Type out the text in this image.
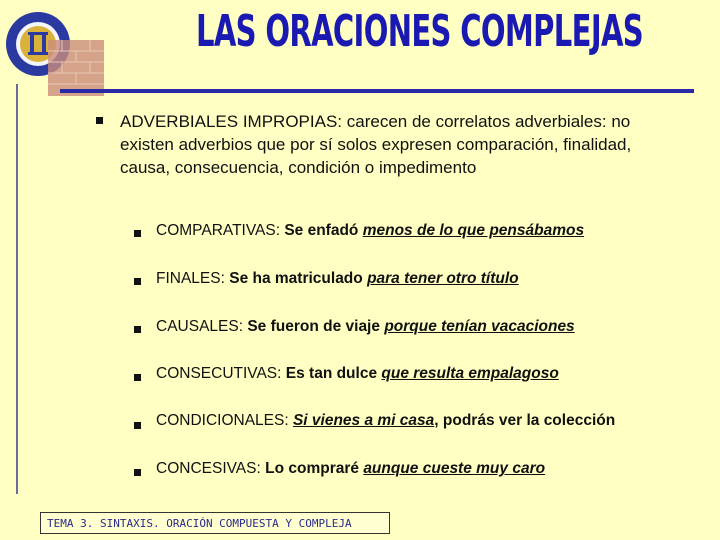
LAS ORACIONES COMPLEJAS
ADVERBIALES IMPROPIAS: carecen de correlatos adverbiales: no existen adverbios que por sí solos expresen comparación, finalidad, causa, consecuencia, condición o impedimento
COMPARATIVAS: Se enfadó menos de lo que pensábamos
FINALES: Se ha matriculado para tener otro título
CAUSALES: Se fueron de viaje porque tenían vacaciones
CONSECUTIVAS: Es tan dulce que resulta empalagoso
CONDICIONALES: Si vienes a mi casa, podrás ver la colección
CONCESIVAS: Lo compraré aunque cueste muy caro
TEMA 3. SINTAXIS. ORACIÓN COMPUESTA Y COMPLEJA
